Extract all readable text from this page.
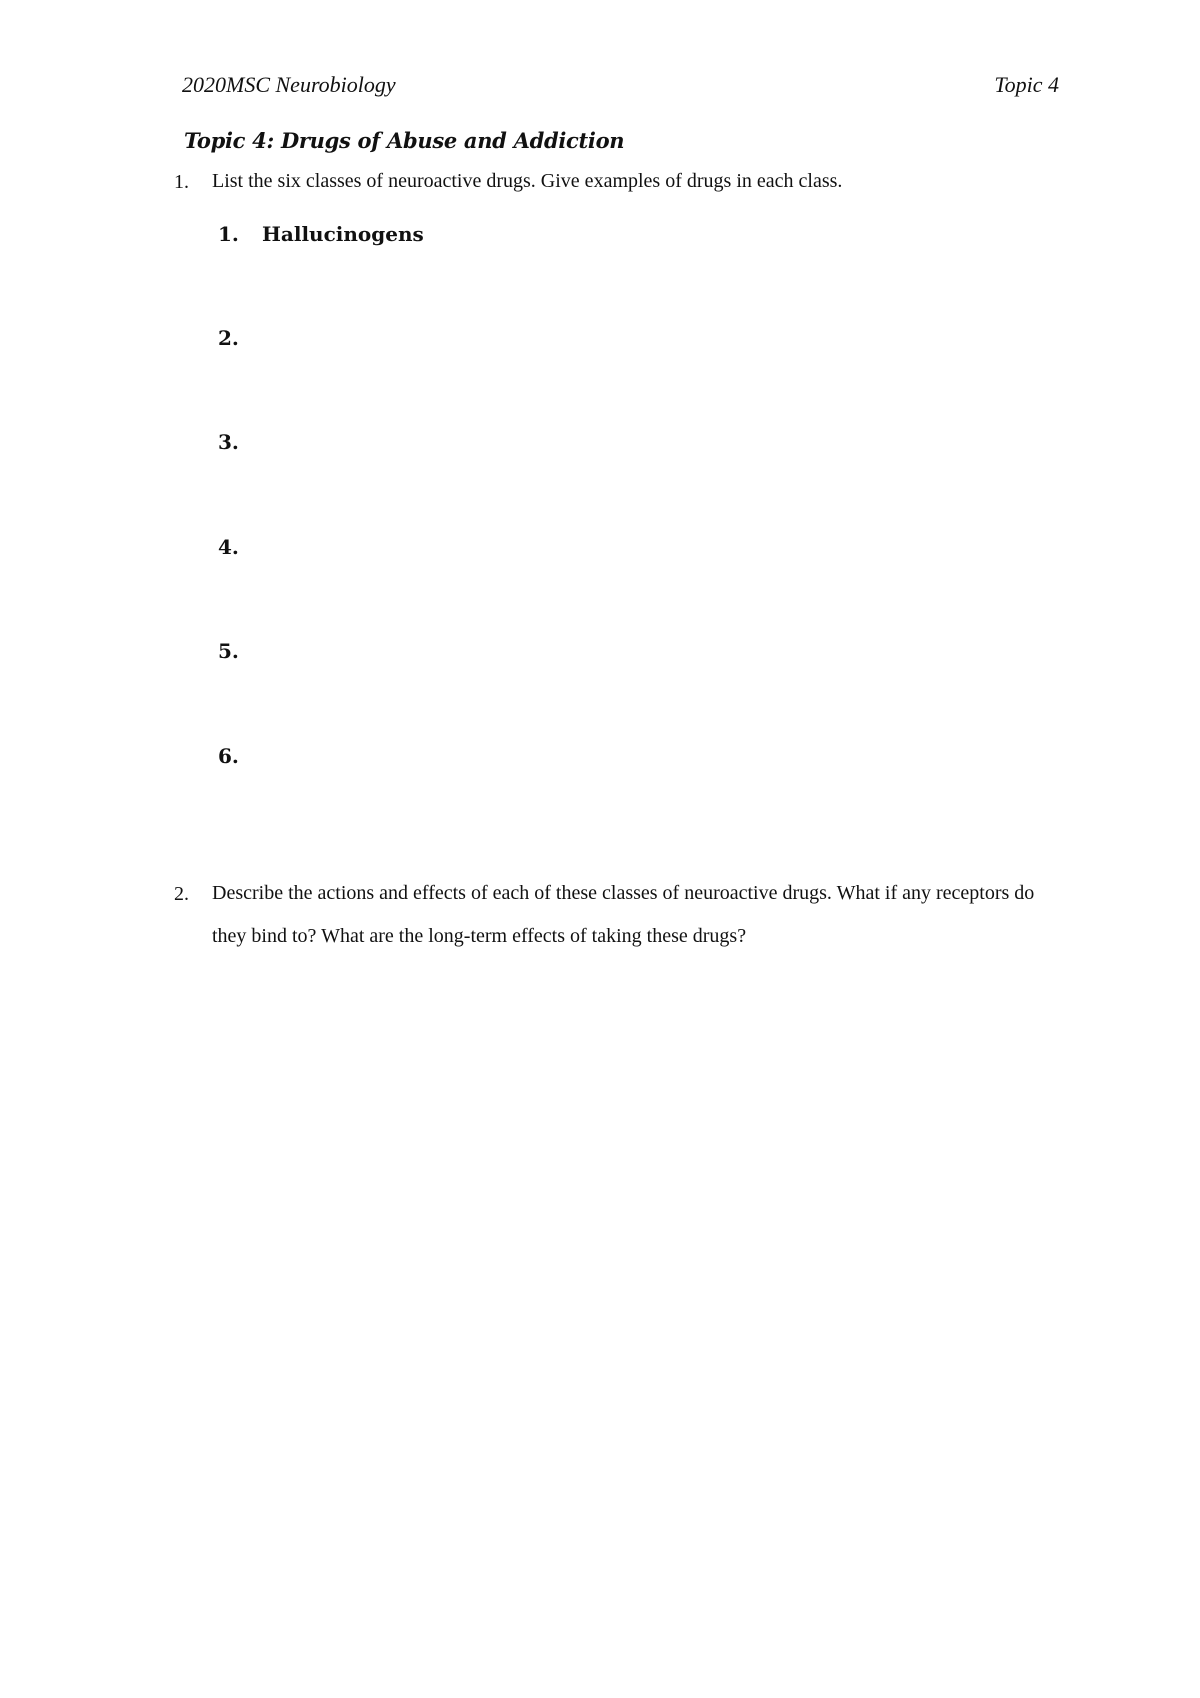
2020MSC Neurobiology	Topic 4
Topic 4: Drugs of Abuse and Addiction
1. List the six classes of neuroactive drugs. Give examples of drugs in each class.
1. Hallucinogens
2.
3.
4.
5.
6.
2. Describe the actions and effects of each of these classes of neuroactive drugs. What if any receptors do they bind to? What are the long-term effects of taking these drugs?
